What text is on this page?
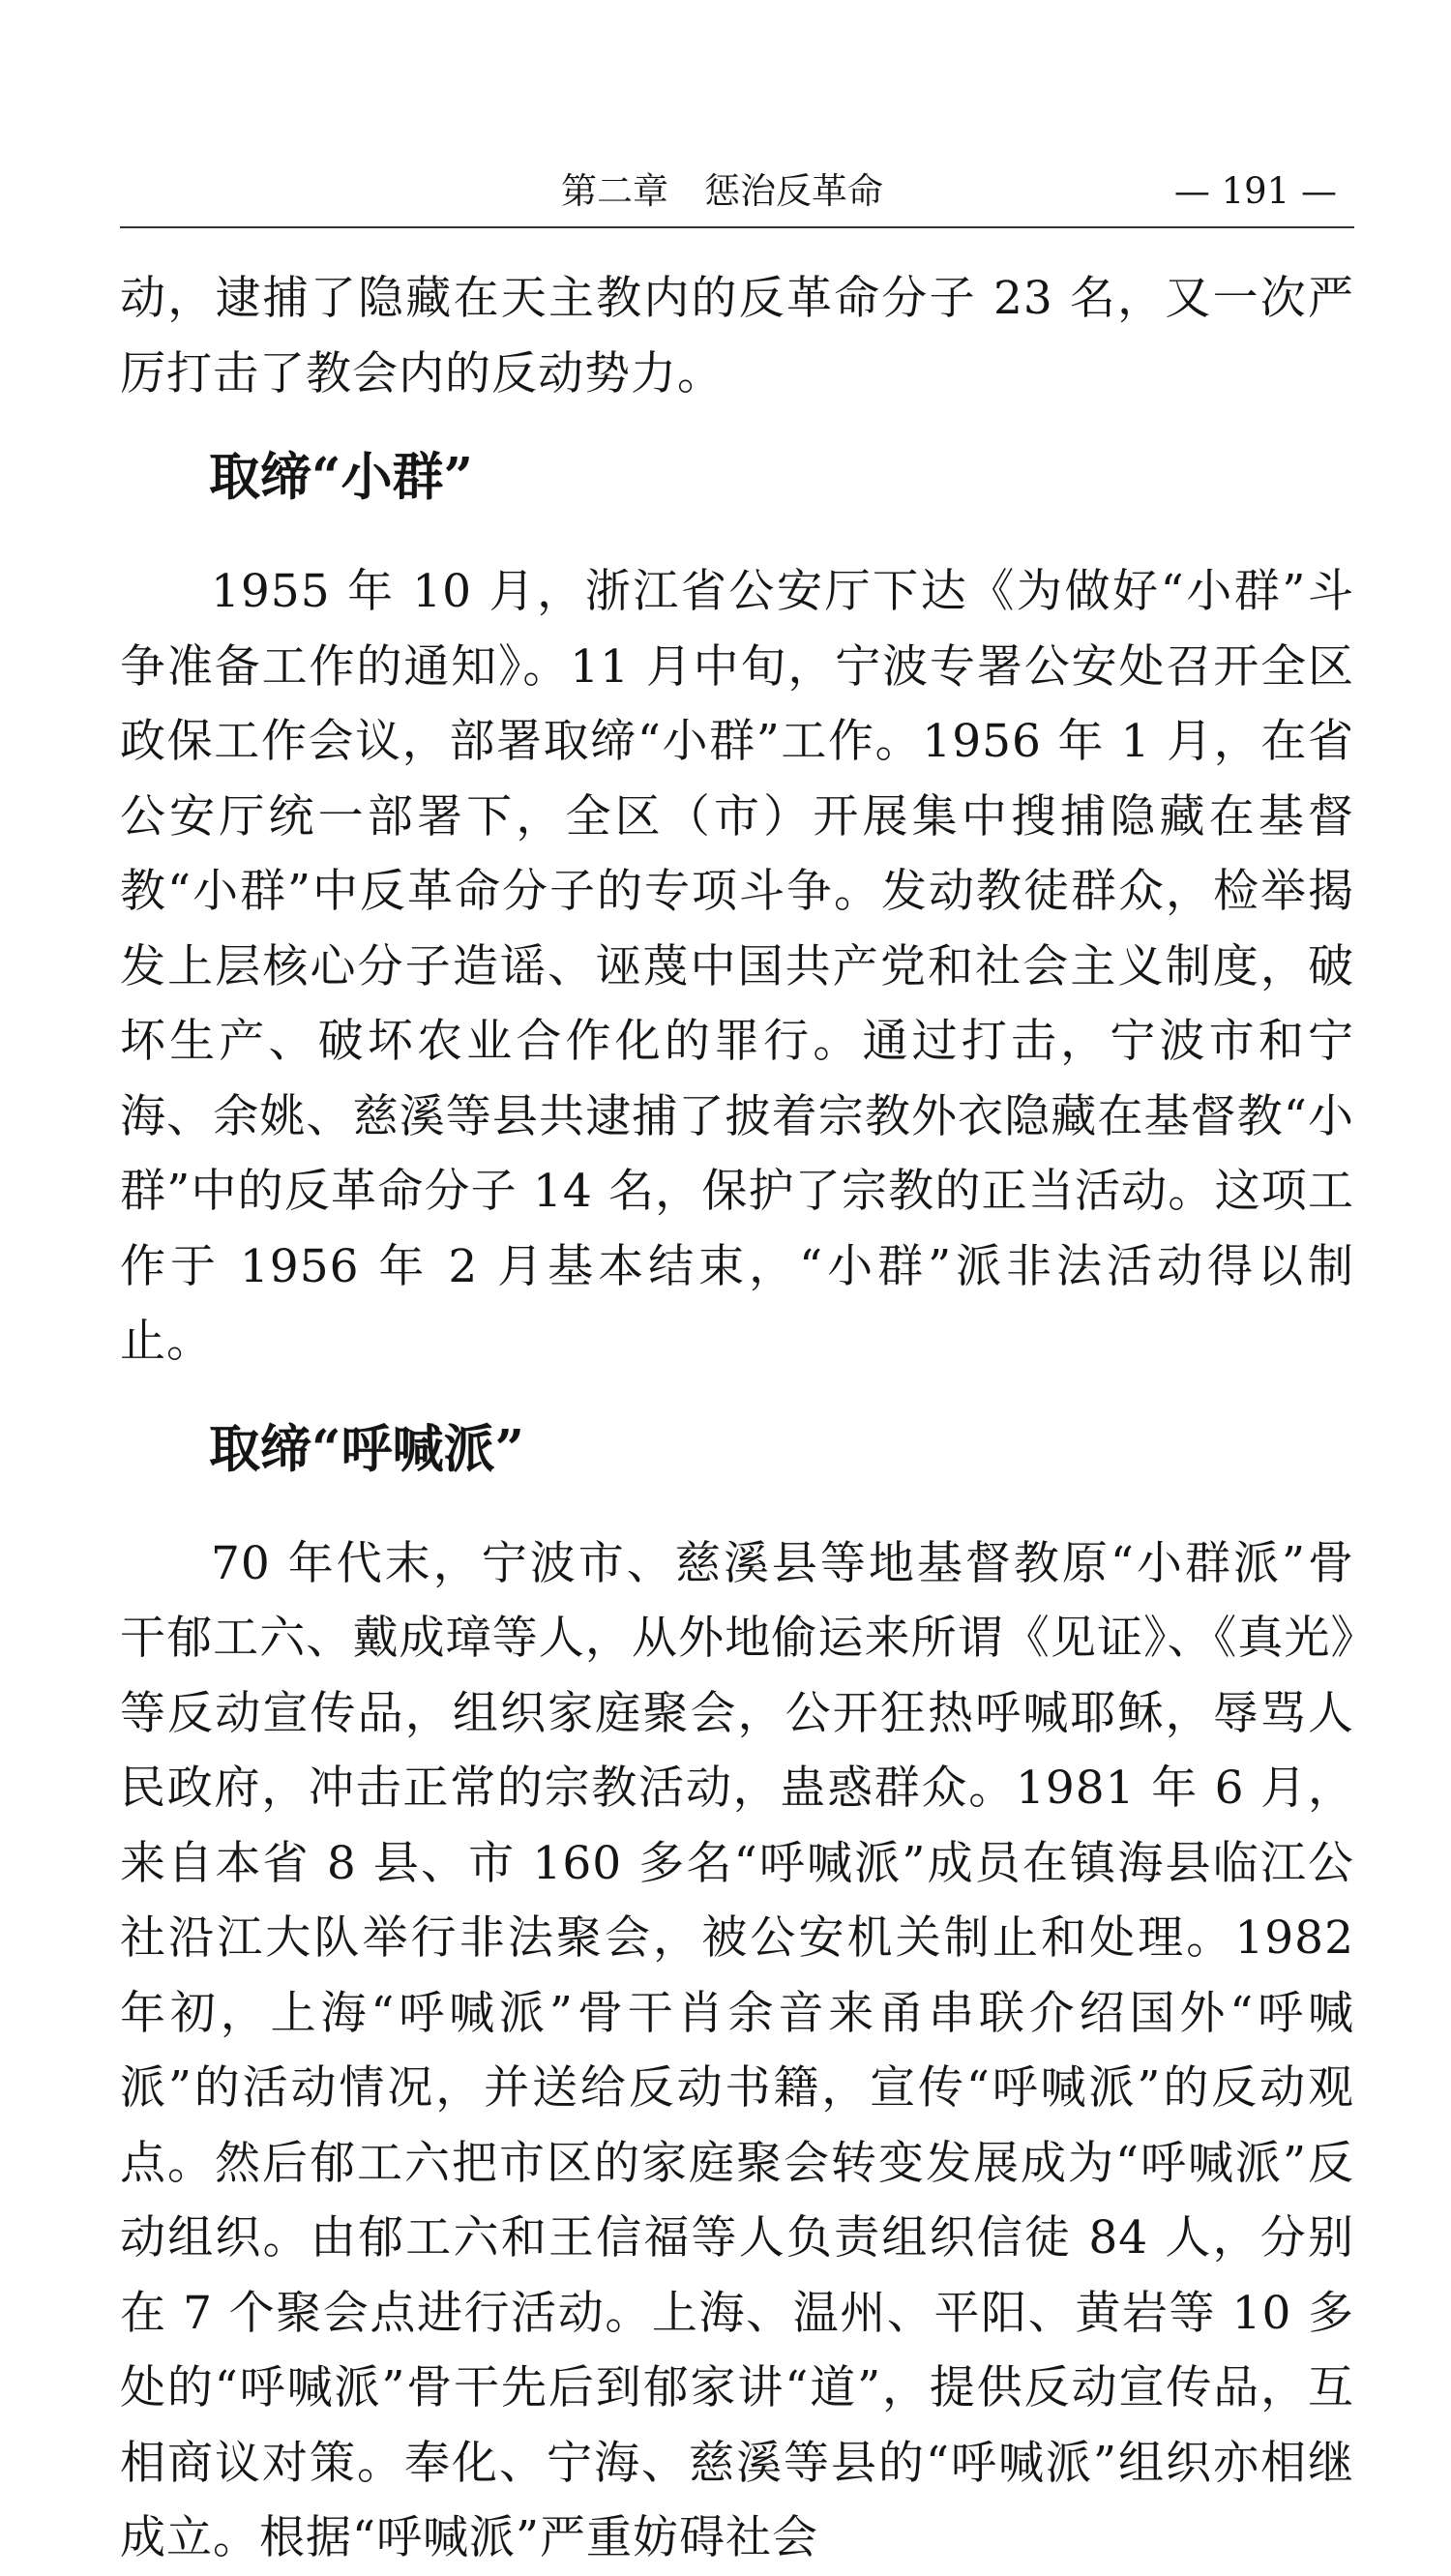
第二章　惩治反革命	— 191 —

动，逮捕了隐藏在天主教内的反革命分子 23 名，又一次严厉打击了教会内的反动势力。

取缔“小群”

1955 年 10 月，浙江省公安厅下达《为做好“小群”斗争准备工作的通知》。11 月中旬，宁波专署公安处召开全区政保工作会议，部署取缔“小群”工作。1956 年 1 月，在省公安厅统一部署下，全区（市）开展集中搜捕隐藏在基督教“小群”中反革命分子的专项斗争。发动教徒群众，检举揭发上层核心分子造谣、诬蔑中国共产党和社会主义制度，破坏生产、破坏农业合作化的罪行。通过打击，宁波市和宁海、余姚、慈溪等县共逮捕了披着宗教外衣隐藏在基督教“小群”中的反革命分子 14 名，保护了宗教的正当活动。这项工作于 1956 年 2 月基本结束，“小群”派非法活动得以制止。

取缔“呼喊派”

70 年代末，宁波市、慈溪县等地基督教原“小群派”骨干郁工六、戴成璋等人，从外地偷运来所谓《见证》、《真光》等反动宣传品，组织家庭聚会，公开狂热呼喊耶稣，辱骂人民政府，冲击正常的宗教活动，蛊惑群众。1981 年 6 月，来自本省 8 县、市 160 多名“呼喊派”成员在镇海县临江公社沿江大队举行非法聚会，被公安机关制止和处理。1982 年初，上海“呼喊派”骨干肖余音来甬串联介绍国外“呼喊派”的活动情况，并送给反动书籍，宣传“呼喊派”的反动观点。然后郁工六把市区的家庭聚会转变发展成为“呼喊派”反动组织。由郁工六和王信福等人负责组织信徒 84 人，分别在 7 个聚会点进行活动。上海、温州、平阳、黄岩等 10 多处的“呼喊派”骨干先后到郁家讲“道”，提供反动宣传品，互相商议对策。奉化、宁海、慈溪等县的“呼喊派”组织亦相继成立。根据“呼喊派”严重妨碍社会
